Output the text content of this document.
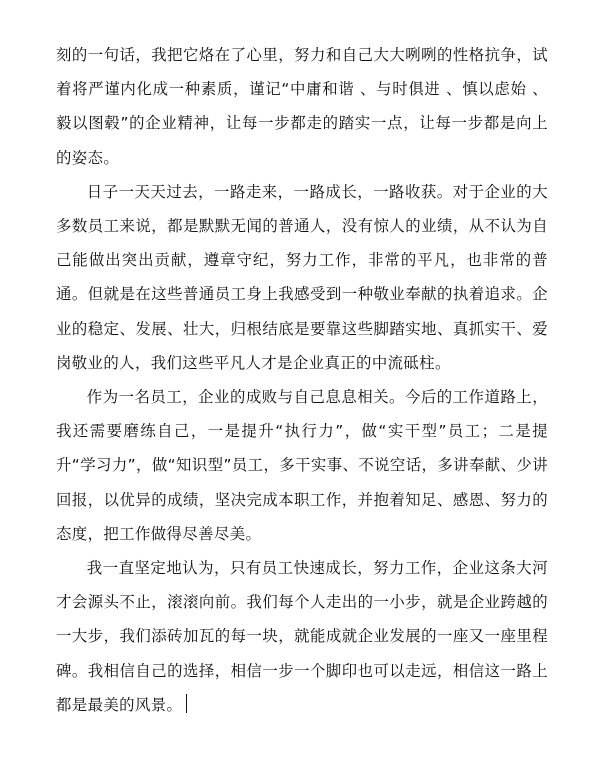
刻的一句话，我把它烙在了心里，努力和自己大大咧咧的性格抗争，试着将严谨内化成一种素质，谨记“中庸和谐 、与时俱进 、慎以虑始 、毅以图毂”的企业精神，让每一步都走的踏实一点，让每一步都是向上的姿态。

日子一天天过去，一路走来，一路成长，一路收获。对于企业的大多数员工来说，都是默默无闻的普通人，没有惊人的业绩，从不认为自己能做出突出贡献，遵章守纪，努力工作，非常的平凡，也非常的普通。但就是在这些普通员工身上我感受到一种敬业奉献的执着追求。企业的稳定、发展、壮大，归根结底是要靠这些脚踏实地、真抓实干、爱岗敬业的人，我们这些平凡人才是企业真正的中流砥柱。

作为一名员工，企业的成败与自己息息相关。今后的工作道路上，我还需要磨练自己，一是提升“执行力”，做“实干型”员工；二是提升“学习力”，做“知识型”员工，多干实事、不说空话，多讲奉献、少讲回报，以优异的成绩，坚决完成本职工作，并抱着知足、感恩、努力的态度，把工作做得尽善尽美。

我一直坚定地认为，只有员工快速成长，努力工作，企业这条大河才会源头不止，滚滚向前。我们每个人走出的一小步，就是企业跨越的一大步，我们添砖加瓦的每一块，就能成就企业发展的一座又一座里程碑。我相信自己的选择，相信一步一个脚印也可以走远，相信这一路上都是最美的风景。
